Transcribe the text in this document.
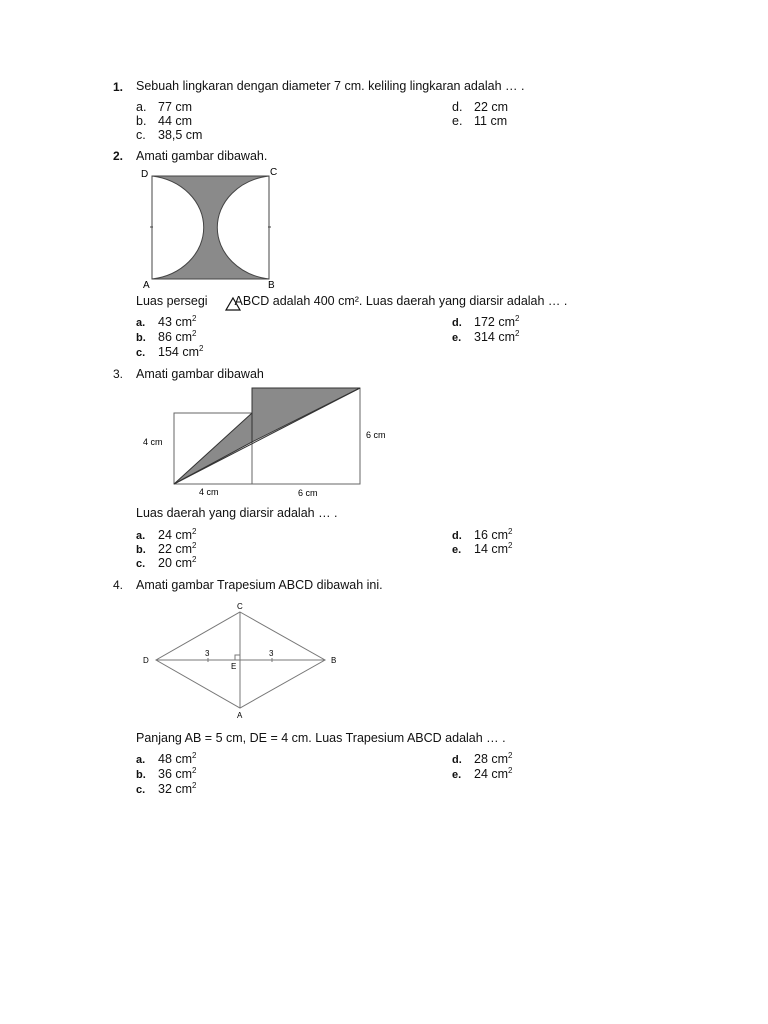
1. Sebuah lingkaran dengan diameter 7 cm. keliling lingkaran adalah … .
a. 77 cm
b. 44 cm
c. 38,5 cm
d. 22 cm
e. 11 cm
2. Amati gambar dibawah.
D	C
A	B
Luas persegi ABCD adalah 400 cm². Luas daerah yang diarsir adalah … .
a. 43 $cm^2$
b. 86 $cm^2$
c. 154 $cm^2$
d. 172 $cm^2$
e. 314 $cm^2$
3. Amati gambar dibawah
4 cm
6 cm
4 cm	6 cm
Luas daerah yang diarsir adalah … .
a. 24 $cm^2$
b. 22 $cm^2$
c. 20 $cm^2$
d. 16 $cm^2$
e. 14 $cm^2$
4. Amati gambar Trapesium ABCD dibawah ini.
C
D	B
A
E
3	3
Panjang AB = 5 cm, DE = 4 cm. Luas Trapesium ABCD adalah … .
a. 48 $cm^2$
b. 36 $cm^2$
c. 32 $cm^2$
d. 28 $cm^2$
e. 24 $cm^2$
